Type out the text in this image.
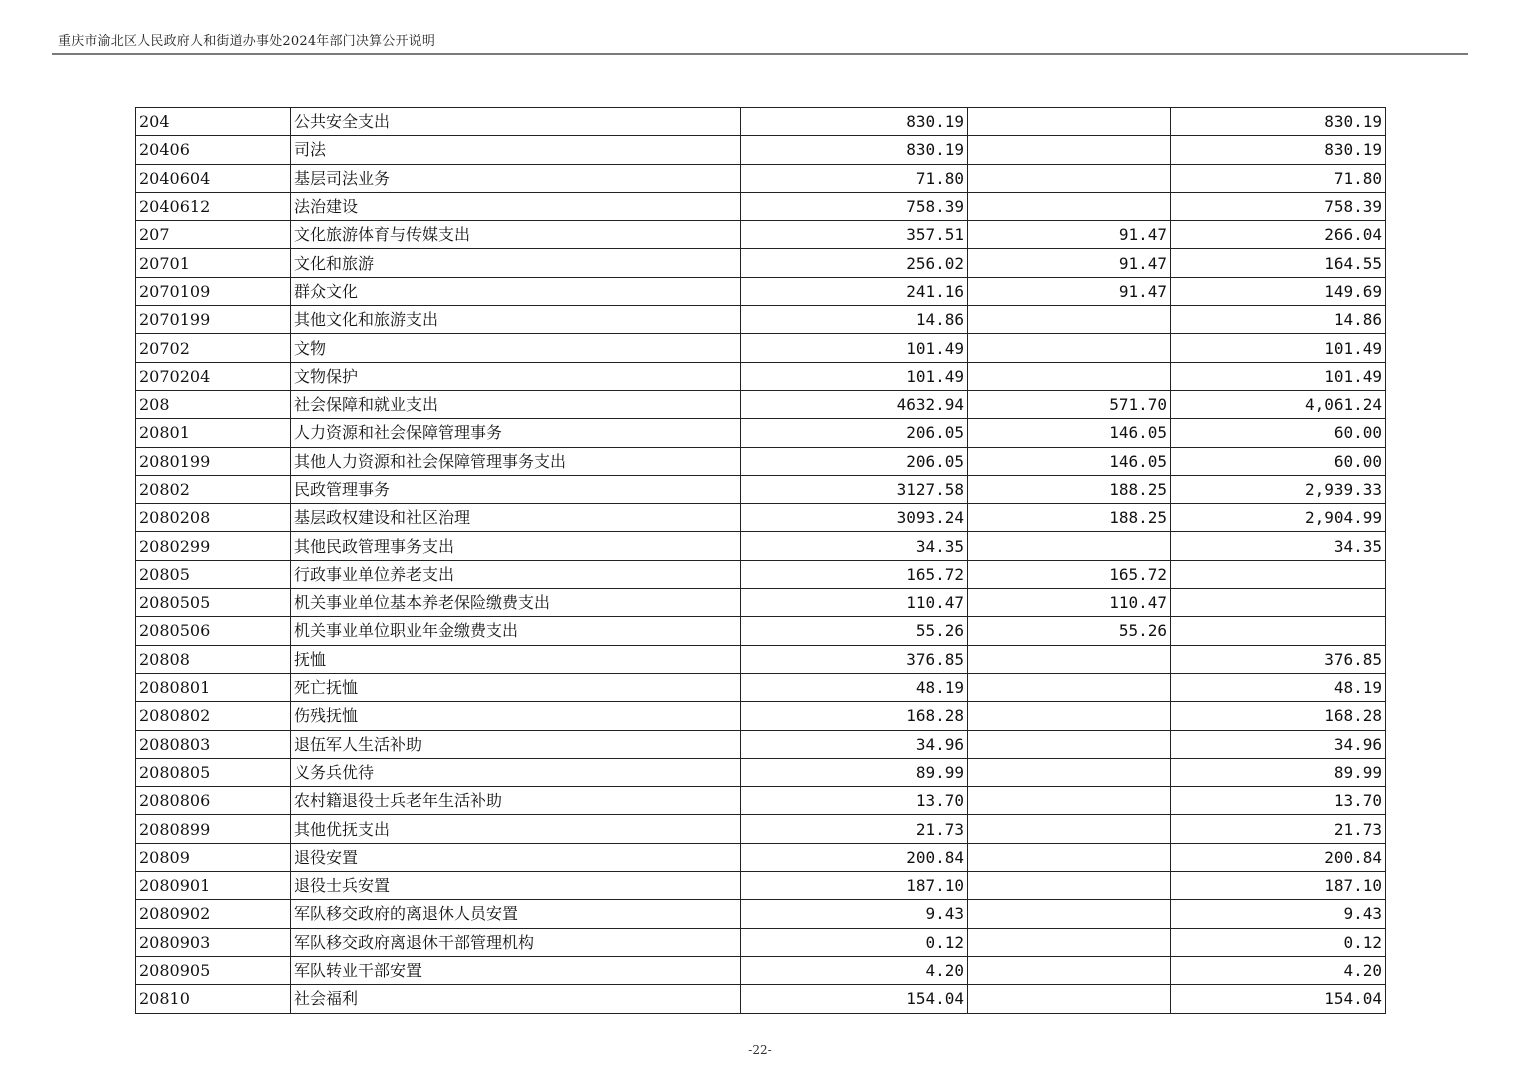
重庆市渝北区人民政府人和街道办事处2024年部门决算公开说明
204	公共安全支出	830.19		830.19
20406	司法	830.19		830.19
2040604	基层司法业务	71.80		71.80
2040612	法治建设	758.39		758.39
207	文化旅游体育与传媒支出	357.51	91.47	266.04
20701	文化和旅游	256.02	91.47	164.55
2070109	群众文化	241.16	91.47	149.69
2070199	其他文化和旅游支出	14.86		14.86
20702	文物	101.49		101.49
2070204	文物保护	101.49		101.49
208	社会保障和就业支出	4632.94	571.70	4,061.24
20801	人力资源和社会保障管理事务	206.05	146.05	60.00
2080199	其他人力资源和社会保障管理事务支出	206.05	146.05	60.00
20802	民政管理事务	3127.58	188.25	2,939.33
2080208	基层政权建设和社区治理	3093.24	188.25	2,904.99
2080299	其他民政管理事务支出	34.35		34.35
20805	行政事业单位养老支出	165.72	165.72	
2080505	机关事业单位基本养老保险缴费支出	110.47	110.47	
2080506	机关事业单位职业年金缴费支出	55.26	55.26	
20808	抚恤	376.85		376.85
2080801	死亡抚恤	48.19		48.19
2080802	伤残抚恤	168.28		168.28
2080803	退伍军人生活补助	34.96		34.96
2080805	义务兵优待	89.99		89.99
2080806	农村籍退役士兵老年生活补助	13.70		13.70
2080899	其他优抚支出	21.73		21.73
20809	退役安置	200.84		200.84
2080901	退役士兵安置	187.10		187.10
2080902	军队移交政府的离退休人员安置	9.43		9.43
2080903	军队移交政府离退休干部管理机构	0.12		0.12
2080905	军队转业干部安置	4.20		4.20
20810	社会福利	154.04		154.04
-22-
